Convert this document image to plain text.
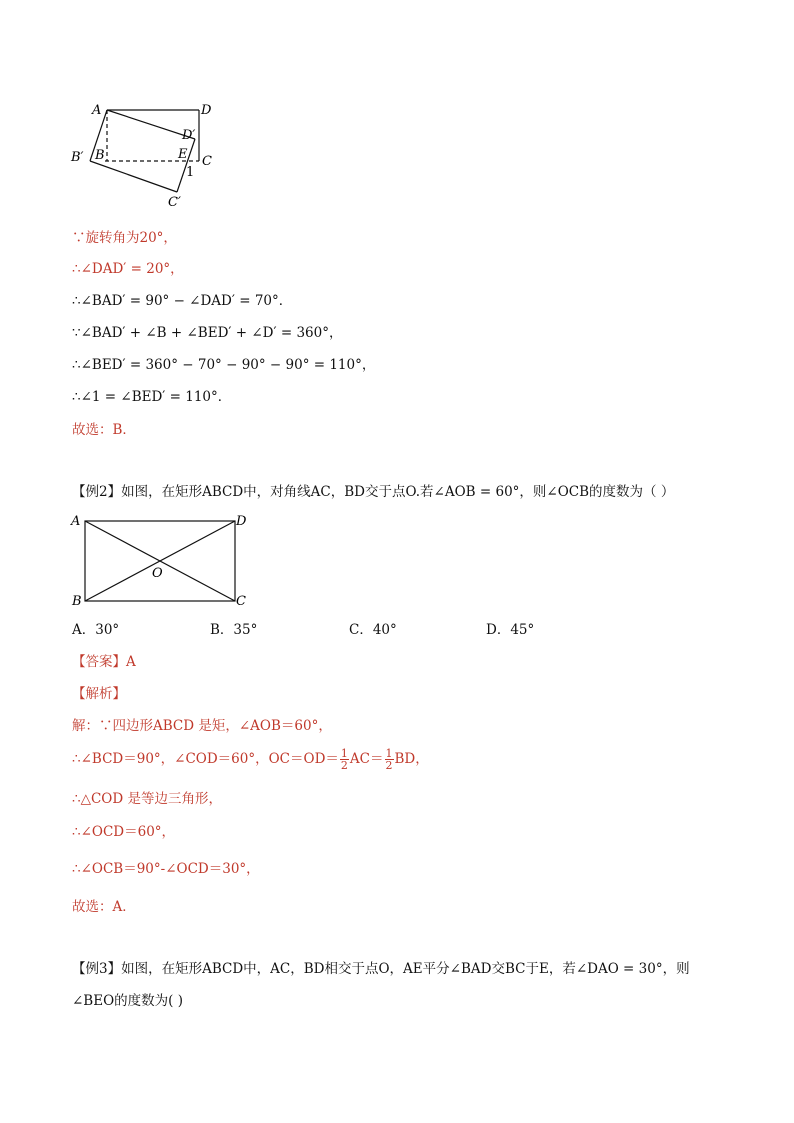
A	D
D′
B′ B	E C
1
C′
∵旋转角为20°，
∴∠DAD′ = 20°，
∴∠BAD′ = 90° − ∠DAD′ = 70°．
∵∠BAD′ + ∠B + ∠BED′ + ∠D′ = 360°，
∴∠BED′ = 360° − 70° − 90° − 90° = 110°，
∴∠1 = ∠BED′ = 110°．
故选：B．
【例2】如图，在矩形ABCD中，对角线AC，BD交于点O.若∠AOB = 60°，则∠OCB的度数为（ ）
A	D
O
B	C
A．30°	B．35°	C．40°	D．45°
【答案】A
【解析】
解：∵四边形ABCD 是矩，∠AOB＝60°，
∴∠BCD＝90°，∠COD＝60°，$OC=OD= \frac{1}{2} AC= \frac{1}{2}$ BD，
∴△COD 是等边三角形，
∴∠OCD＝60°，
∴∠OCB＝90°-∠OCD＝30°，
故选：A．
【例3】如图，在矩形ABCD中，AC，BD相交于点O，AE平分∠BAD交BC于E，若∠DAO = 30°，则
∠BEO的度数为( )
